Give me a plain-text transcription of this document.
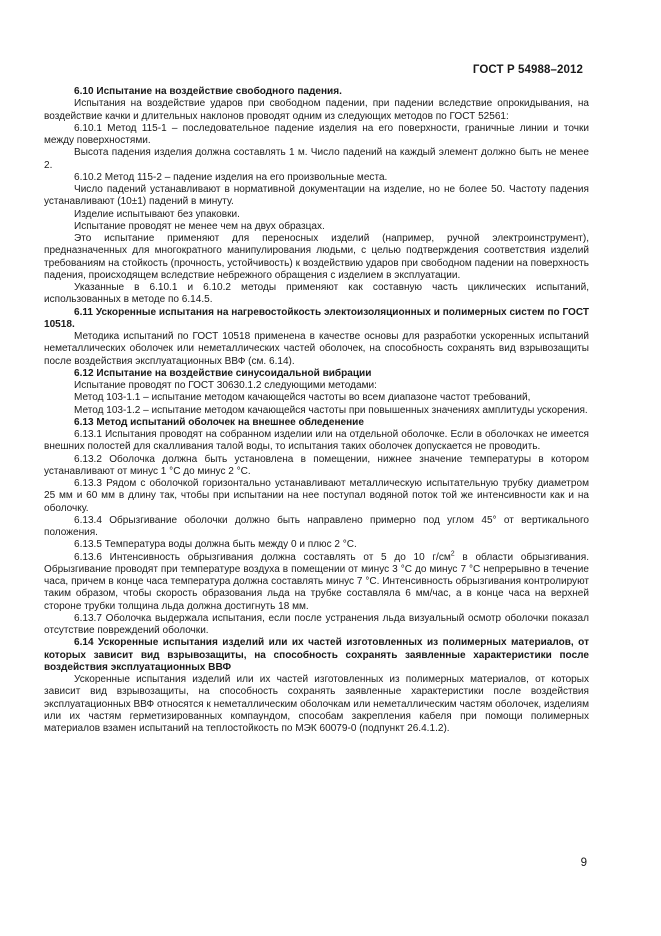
ГОСТ Р 54988–2012

6.10 Испытание на воздействие свободного падения.

Испытания на воздействие ударов при свободном падении, при падении вследствие опрокидывания, на воздействие качки и длительных наклонов проводят одним из следующих методов по ГОСТ 52561:

6.10.1 Метод 115-1 – последовательное падение изделия на его поверхности, граничные линии и точки между поверхностями.

Высота падения изделия должна составлять 1 м. Число падений на каждый элемент должно быть не менее 2.

6.10.2 Метод 115-2 – падение изделия на его произвольные места.

Число падений устанавливают в нормативной документации на изделие, но не более 50. Частоту падения устанавливают (10±1) падений в минуту.

Изделие испытывают без упаковки.

Испытание проводят не менее чем на двух образцах.

Это испытание применяют для переносных изделий (например, ручной электроинструмент), предназначенных для многократного манипулирования людьми, с целью подтверждения соответствия изделий требованиям на стойкость (прочность, устойчивость) к воздействию ударов при свободном падении на поверхность падения, происходящем вследствие небрежного обращения с изделием в эксплуатации.

Указанные в 6.10.1 и 6.10.2 методы применяют как составную часть циклических испытаний, использованных в методе по 6.14.5.

6.11 Ускоренные испытания на нагревостойкость электоизоляционных и полимерных систем по ГОСТ 10518.

Методика испытаний по ГОСТ 10518 применена в качестве основы для разработки ускоренных испытаний неметаллических оболочек или неметаллических частей оболочек, на способность сохранять вид взрывозащиты после воздействия эксплуатационных ВВФ (см. 6.14).

6.12 Испытание на воздействие синусоидальной вибрации

Испытание проводят по ГОСТ 30630.1.2 следующими методами:

Метод 103-1.1 – испытание методом качающейся частоты во всем диапазоне частот требований,

Метод 103-1.2 – испытание методом качающейся частоты при повышенных значениях амплитуды ускорения.

6.13 Метод испытаний оболочек на внешнее обледенение

6.13.1 Испытания проводят на собранном изделии или на отдельной оболочке. Если в оболочках не имеется внешних полостей для скалливания талой воды, то испытания таких оболочек допускается не проводить.

6.13.2 Оболочка должна быть установлена в помещении, нижнее значение температуры в котором устанавливают от минус 1 °С до минус 2 °С.

6.13.3 Рядом с оболочкой горизонтально устанавливают металлическую испытательную трубку диаметром 25 мм и 60 мм в длину так, чтобы при испытании на нее поступал водяной поток той же интенсивности как и на оболочку.

6.13.4 Обрызгивание оболочки должно быть направлено примерно под углом 45° от вертикального положения.

6.13.5 Температура воды должна быть между 0 и плюс 2 °С.

6.13.6 Интенсивность обрызгивания должна составлять от 5 до 10 $г/см^2$ в области обрызгивания. Обрызгивание проводят при температуре воздуха в помещении от минус 3 °С до минус 7 °С непрерывно в течение часа, причем в конце часа температура должна составлять минус 7 °С. Интенсивность обрызгивания контролируют таким образом, чтобы скорость образования льда на трубке составляла 6 мм/час, а в конце часа на верхней стороне трубки толщина льда должна достигнуть 18 мм.

6.13.7 Оболочка выдержала испытания, если после устранения льда визуальный осмотр оболочки показал отсутствие повреждений оболочки.

6.14 Ускоренные испытания изделий или их частей изготовленных из полимерных материалов, от которых зависит вид взрывозащиты, на способность сохранять заявленные характеристики после воздействия эксплуатационных ВВФ

Ускоренные испытания изделий или их частей изготовленных из полимерных материалов, от которых зависит вид взрывозащиты, на способность сохранять заявленные характеристики после воздействия эксплуатационных ВВФ относятся к неметаллическим оболочкам или неметаллическим частям оболочек, изделиям или их частям герметизированных компаундом, способам закрепления кабеля при помощи полимерных материалов взамен испытаний на теплостойкость по МЭК 60079-0 (подпункт 26.4.1.2).

9
